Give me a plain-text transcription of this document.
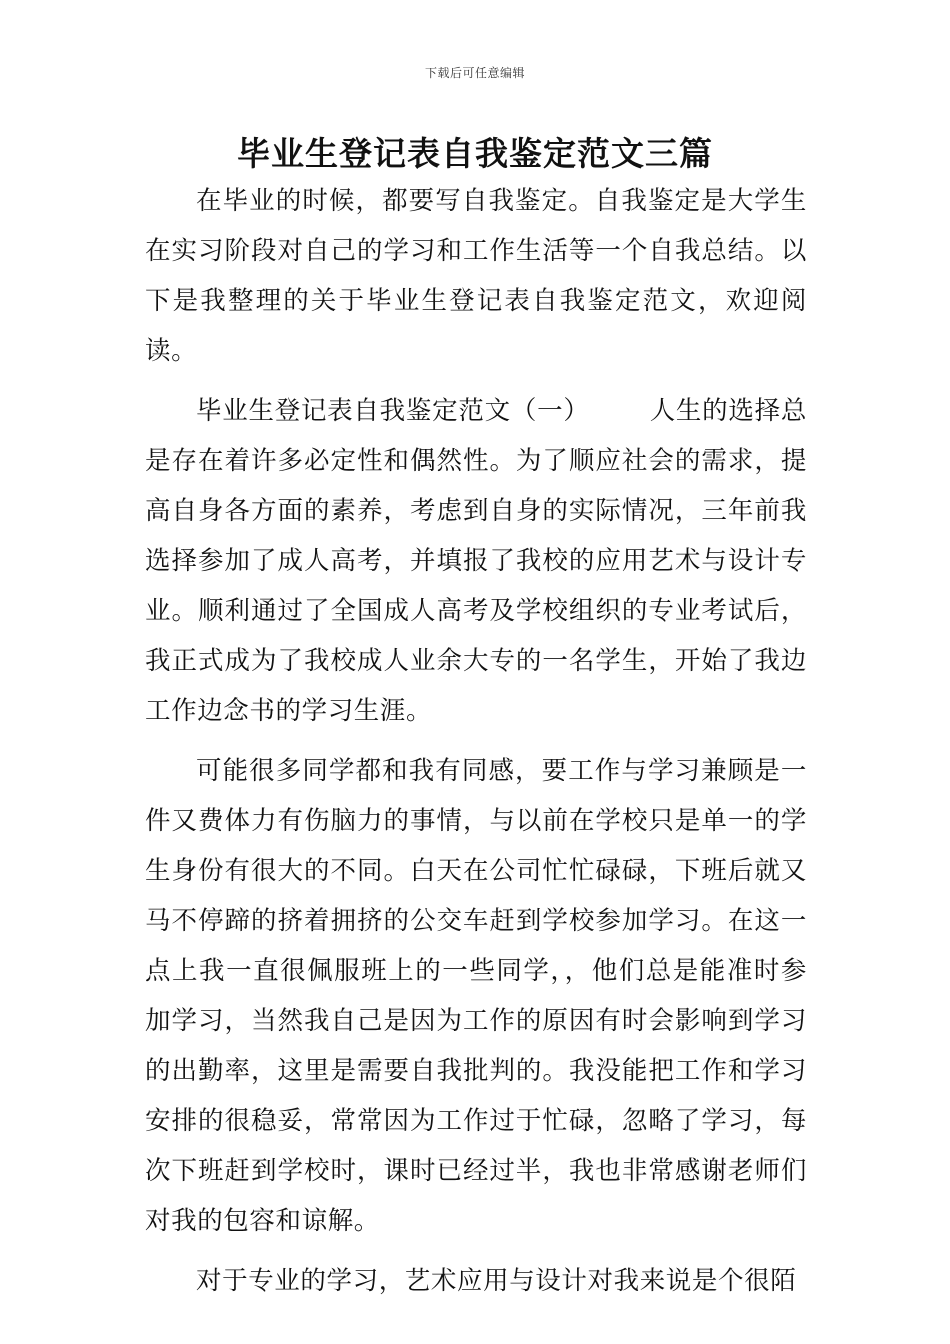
下载后可任意编辑
毕业生登记表自我鉴定范文三篇

在毕业的时候，都要写自我鉴定。自我鉴定是大学生在实习阶段对自己的学习和工作生活等一个自我总结。以下是我整理的关于毕业生登记表自我鉴定范文，欢迎阅读。

毕业生登记表自我鉴定范文（一） 人生的选择总是存在着许多必定性和偶然性。为了顺应社会的需求，提高自身各方面的素养，考虑到自身的实际情况，三年前我选择参加了成人高考，并填报了我校的应用艺术与设计专业。顺利通过了全国成人高考及学校组织的专业考试后，我正式成为了我校成人业余大专的一名学生，开始了我边工作边念书的学习生涯。

可能很多同学都和我有同感，要工作与学习兼顾是一件又费体力有伤脑力的事情，与以前在学校只是单一的学生身份有很大的不同。白天在公司忙忙碌碌，下班后就又马不停蹄的挤着拥挤的公交车赶到学校参加学习。在这一点上我一直很佩服班上的一些同学，，他们总是能准时参加学习，当然我自己是因为工作的原因有时会影响到学习的出勤率，这里是需要自我批判的。我没能把工作和学习安排的很稳妥，常常因为工作过于忙碌，忽略了学习，每次下班赶到学校时，课时已经过半，我也非常感谢老师们对我的包容和谅解。

对于专业的学习，艺术应用与设计对我来说是个很陌
